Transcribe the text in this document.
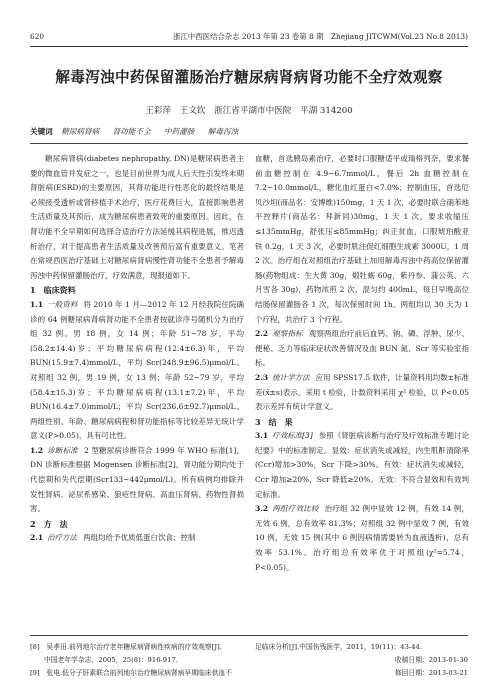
620	浙江中西医结合杂志 2013 年第 23 卷第 8 期　Zhejiang JITCWM(Vol.23 No.8 2013)
解毒泻浊中药保留灌肠治疗糖尿病肾病肾功能不全疗效观察
王彩萍　王文钦　浙江省平湖市中医院　平湖 314200
关键词 糖尿病肾病 肾功能不全 中药灌肠 解毒泻浊

糖尿病肾病(diabetes nephropathy, DN)是糖尿病患者主要的微血管并发症之一，也是目前世界为成人后天性引发终末期肾脏病(ESRD)的主要原因，其肾功能进行性恶化的最终结果是必须接受透析或肾移植手术治疗，医疗花费巨大，直接影响患者生活质量及其预后，成为糖尿病患者致死的重要原因。因此，在肾功能不全早期如何选择合适治疗方法延缓其病程进展，推迟透析治疗，对于提高患者生活质量及改善预后富有重要意义。笔者在常规西医治疗基础上对糖尿病肾病慢性肾功能不全患者予解毒泻浊中药保留灌肠治疗，疗效满意，现报道如下。

1　临床资料

1.1 一般资料 将 2010 年 1 月—2012 年 12 月经我院住院确诊的 64 例糖尿病肾病肾功能不全患者按就诊序号随机分为治疗组 32 例。男 18 例，女 14 例；年龄 51~78 岁，平均(58.2±14.4)岁；平均糖尿病病程(12.4±6.3)年，平均 BUN(15.9±7.4)mmol/L，平均 Scr(248.9±96.5)μmol/L。对照组 32 例，男 19 例，女 13 例；年龄 52~79 岁，平均(58.4±15.3)岁；平均糖尿病病程(13.1±7.2)年，平均 BUN(16.4±7.0)mmol/L；平均 Scr(236.6±92.7)μmol/L。两组性别、年龄、糖尿病病程和肾功能指标等比较差异无统计学意义(P>0.05)，具有可比性。

1.2 诊断标准 2 型糖尿病诊断符合 1999 年 WHO 标准[1]，DN 诊断标准根据 Mogensen 诊断标准[2]，肾功能分期均处于代偿期和失代偿期(Scr133~442μmol/L)。所有病例均排除并发性肾病、泌尿系感染、狼疮性肾病、高血压肾病、药物性肾损害。

2　方　法

2.1 治疗方法 两组均给予优质低蛋白饮食；控制

血糖，首选胰岛素治疗，必要时口服糖适平或瑞格列奈，要求餐前血糖控制在 4.9~6.7mmol/L，餐后 2h 血糖控制在 7.2~10.0mmol/L，糖化血红蛋白<7.0%；控制血压，首选厄贝沙坦(商品名：安博维)150mg，1 天 1 次，必要时联合硝苯地平控释片(商品名：拜新同)30mg，1 天 1 次，要求收缩压≤135mmHg，舒张压≤85mmHg；纠正贫血，口服琥珀酸亚铁 0.2g，1 天 3 次，必要时肌注促红细胞生成素 3000U，1 周 2 次。治疗组在对照组治疗基础上加用解毒泻浊中药高位保留灌肠(药物组成：生大黄 30g，煅牡蛎 60g，紫丹参、蒲公英、六月雪各 30g)，药物浓煎 2 次，混匀约 400mL，每日早晚高位结肠保留灌肠各 1 次，每次保留时间 1h。两组均以 30 天为 1 个疗程，共治疗 3 个疗程。

2.2 观察指标 观察两组治疗前后血钙、钠、磷、浮肿、尿少、便秘、乏力等临床症状改善情况及血 BUN 氮、Scr 等实验室指标。

2.3 统计学方法 应用 SPSS17.5 软件，计量资料用均数±标准差(x̄±s)表示，采用 t 检验，计数资料采用 χ² 检验，以 P<0.05 表示差异有统计学意义。

3　结　果

3.1 疗效标准[3] 参照《肾脏病诊断与治疗及疗效标准专题讨论纪要》中的标准制定。显效：症状消失或减轻，内生肌酐清除率(Ccr)增加>30%，Scr 下降>30%。有效：症状消失或减轻，Ccr 增加≥20%，Scr 降低≥20%。无效：不符合显效和有效判定标准。

3.2 两组疗效比较 治疗组 32 例中显效 12 例，有效 14 例，无效 6 例，总有效率 81.3%；对照组 32 例中显效 7 例，有效 10 例，无效 15 例(其中 6 例因病情需要转为血液透析)，总有效率 53.1%。治疗组总有效率优于对照组(χ²=5.74，P<0.05)。

[8]　吴孝田.前列地尔治疗老年糖尿病肾病性疾病的疗效观察[J].
中国老年学杂志，2005，25(8)：916-917.
[9]　张电.低分子肝素联合前列地尔治疗糖尿病肾病早期临床供血不
足临床分析[J].中国伤残医学，2011，19(11)：43-44.
收稿日期：2013-01-30
修回日期：2013-03-21
